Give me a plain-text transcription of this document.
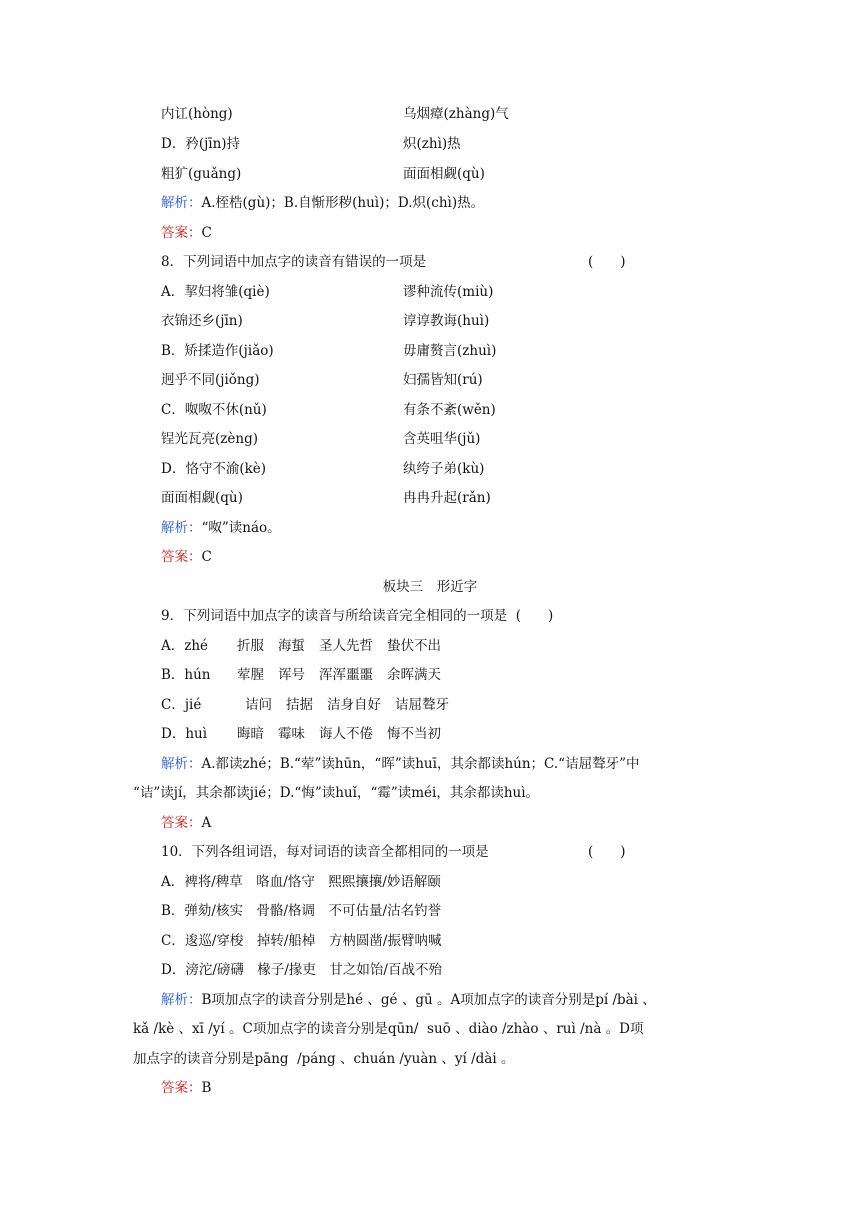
内讧(hòng)	乌烟瘴(zhàng)气
D．矜(jīn)持	炽(zhì)热
粗犷(guǎng)	面面相觑(qù)
解析：A.桎梏(gù)；B.自惭形秽(huì)；D.炽(chì)热。
答案：C
8．下列词语中加点字的读音有错误的一项是	(　　)
A．挈妇将雏(qiè)	谬种流传(miù)
衣锦还乡(jīn)	谆谆教诲(huì)
B．矫揉造作(jiǎo)	毋庸赘言(zhuì)
迥乎不同(jiǒng)	妇孺皆知(rú)
C．呶呶不休(nǔ)	有条不紊(wěn)
锃光瓦亮(zèng)	含英咀华(jǔ)
D．恪守不渝(kè)	纨绔子弟(kù)
面面相觑(qù)	冉冉升起(rǎn)
解析：“呶”读náo。
答案：C
板块三　形近字
9．下列词语中加点字的读音与所给读音完全相同的一项是 (　　)
A．zhé 折服 海蜇 圣人先哲 蛰伏不出
B．hún 荤腥 诨号 浑浑噩噩 余晖满天
C．jié	诘问 拮据 洁身自好 诘屈聱牙
D．huì 晦暗 霉味 诲人不倦 悔不当初
解析：A.都读zhé；B.“荤”读hūn，“晖”读huī，其余都读hún；C.“诘屈聱牙”中
“诘”读jí，其余都读jié；D.“悔”读huǐ，“霉”读méi，其余都读huì。
答案：A
10．下列各组词语，每对词语的读音全都相同的一项是	(　　)
A．裨将/稗草　咯血/恪守　熙熙攘攘/妙语解颐
B．弹劾/核实　骨骼/格调　不可估量/沽名钓誉
C．逡巡/穿梭　掉转/船棹　方枘圆凿/振臂呐喊
D．滂沱/磅礴　椽子/掾吏　甘之如饴/百战不殆
解析：B项加点字的读音分别是hé 、gé 、gū 。A项加点字的读音分别是pí /bài 、
kǎ /kè 、xī /yí 。C项加点字的读音分别是qūn/  suō 、diào /zhào 、ruì /nà 。D项
加点字的读音分别是pāng  /páng 、chuán /yuàn 、yí /dài 。
答案：B
